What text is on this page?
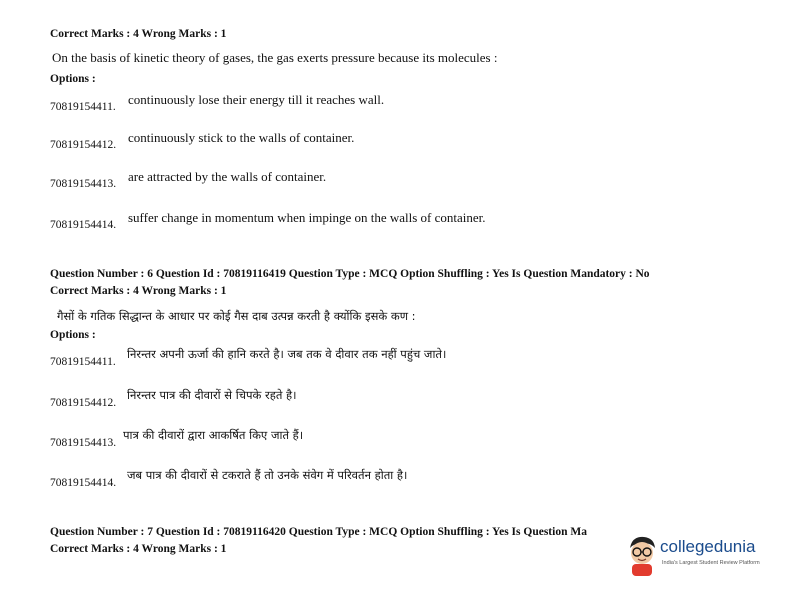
Correct Marks : 4 Wrong Marks : 1
On the basis of kinetic theory of gases, the gas exerts pressure because its molecules :
Options :
70819154411. continuously lose their energy till it reaches wall.
70819154412. continuously stick to the walls of container.
70819154413. are attracted by the walls of container.
70819154414. suffer change in momentum when impinge on the walls of container.
Question Number : 6 Question Id : 70819116419 Question Type : MCQ Option Shuffling : Yes Is Question Mandatory : No
Correct Marks : 4 Wrong Marks : 1
गैसों के गतिक सिद्धान्त के आधार पर कोई गैस दाब उत्पन्न करती है क्योंकि इसके कण :
Options :
70819154411.
निरन्तर अपनी ऊर्जा की हानि करते है। जब तक वे दीवार तक नहीं पहुंच जाते।
70819154412.
निरन्तर पात्र की दीवारों से चिपके रहते है।
70819154413.
पात्र की दीवारों द्वारा आकर्षित किए जाते हैं।
70819154414.
जब पात्र की दीवारों से टकराते हैं तो उनके संवेग में परिवर्तन होता है।
Question Number : 7 Question Id : 70819116420 Question Type : MCQ Option Shuffling : Yes Is Question Ma
Correct Marks : 4 Wrong Marks : 1	collegedunia
India's Largest Student Review Platform
